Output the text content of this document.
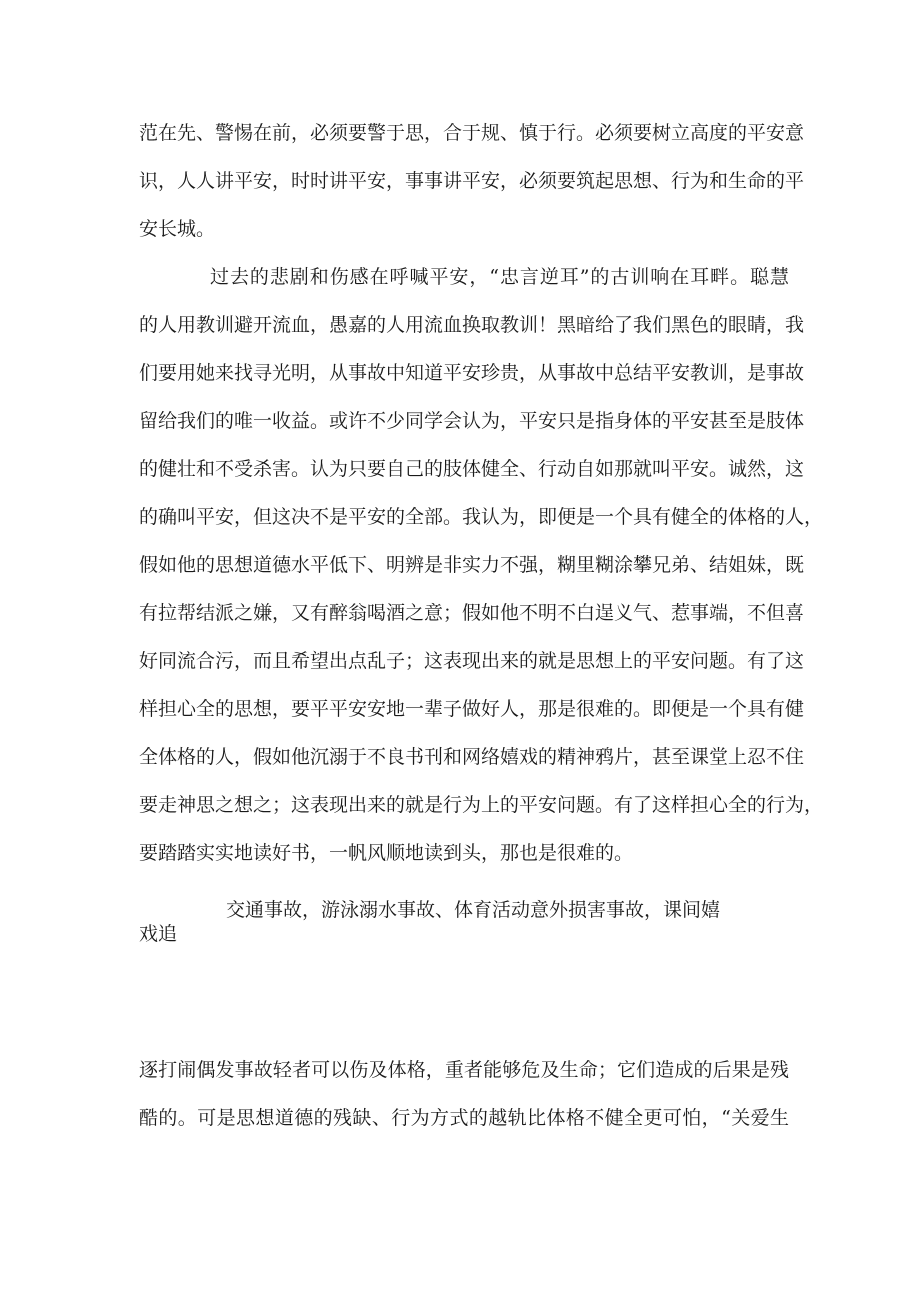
范在先、警惕在前，必须要警于思，合于规、慎于行。必须要树立高度的平安意
识，人人讲平安，时时讲平安，事事讲平安，必须要筑起思想、行为和生命的平
安长城。
过去的悲剧和伤感在呼喊平安，“忠言逆耳”的古训响在耳畔。聪慧
的人用教训避开流血，愚嘉的人用流血换取教训！黑暗给了我们黑色的眼睛，我
们要用她来找寻光明，从事故中知道平安珍贵，从事故中总结平安教训，是事故
留给我们的唯一收益。或许不少同学会认为，平安只是指身体的平安甚至是肢体
的健壮和不受杀害。认为只要自己的肢体健全、行动自如那就叫平安。诚然，这
的确叫平安，但这决不是平安的全部。我认为，即便是一个具有健全的体格的人，
假如他的思想道德水平低下、明辨是非实力不强，糊里糊涂攀兄弟、结姐妹，既
有拉帮结派之嫌，又有醉翁喝酒之意；假如他不明不白逞义气、惹事端，不但喜
好同流合污，而且希望出点乱子；这表现出来的就是思想上的平安问题。有了这
样担心全的思想，要平平安安地一辈子做好人，那是很难的。即便是一个具有健
全体格的人，假如他沉溺于不良书刊和网络嬉戏的精神鸦片，甚至课堂上忍不住
要走神思之想之；这表现出来的就是行为上的平安问题。有了这样担心全的行为，
要踏踏实实地读好书，一帆风顺地读到头，那也是很难的。
交通事故，游泳溺水事故、体育活动意外损害事故，课间嬉
戏追
逐打闹偶发事故轻者可以伤及体格，重者能够危及生命；它们造成的后果是残
酷的。可是思想道德的残缺、行为方式的越轨比体格不健全更可怕，“关爱生
